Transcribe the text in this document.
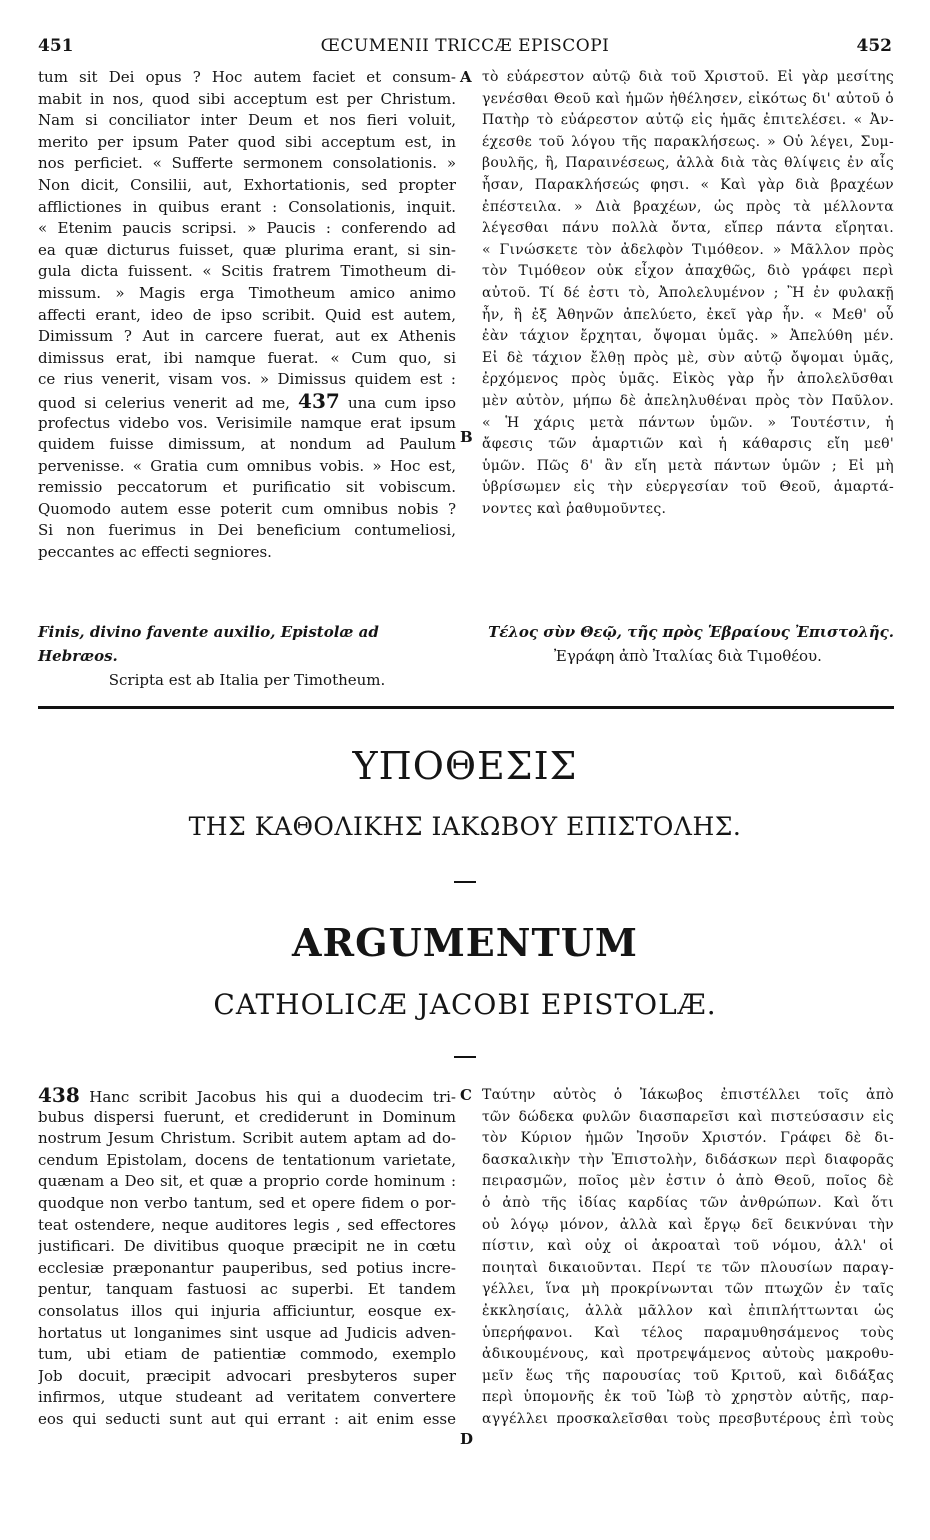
451	ŒCUMENII TRICCÆ EPISCOPI	452
A
B
C
D
tum sit Dei opus ? Hoc autem faciet et consum-
mabit in nos, quod sibi acceptum est per Christum.
Nam si conciliator inter Deum et nos fieri voluit,
merito per ipsum Pater quod sibi acceptum est, in
nos perficiet. « Sufferte sermonem consolationis. »
Non dicit, Consilii, aut, Exhortationis, sed propter
afflictiones in quibus erant : Consolationis, inquit.
« Etenim paucis scripsi. » Paucis : conferendo ad
ea quæ dicturus fuisset, quæ plurima erant, si sin-
gula dicta fuissent. « Scitis fratrem Timotheum di-
missum. » Magis erga Timotheum amico animo
affecti erant, ideo de ipso scribit. Quid est autem,
Dimissum ? Aut in carcere fuerat, aut ex Athenis
dimissus erat, ibi namque fuerat. « Cum quo, si
ce rius venerit, visam vos. » Dimissus quidem est :
quod si celerius venerit ad me, 437 una cum ipso
profectus videbo vos. Verisimile namque erat ipsum
quidem fuisse dimissum, at nondum ad Paulum
pervenisse. « Gratia cum omnibus vobis. » Hoc est,
remissio peccatorum et purificatio sit vobiscum.
Quomodo autem esse poterit cum omnibus nobis ?
Si non fuerimus in Dei beneficium contumeliosi,
peccantes ac effecti segniores.
τὸ εὐάρεστον αὐτῷ διὰ τοῦ Χριστοῦ. Εἰ γὰρ μεσίτης
γενέσθαι Θεοῦ καὶ ἡμῶν ἠθέλησεν, εἰκότως δι' αὐτοῦ ὁ
Πατὴρ τὸ εὐάρεστον αὐτῷ εἰς ἡμᾶς ἐπιτελέσει. « Ἀν-
έχεσθε τοῦ λόγου τῆς παρακλήσεως. » Οὐ λέγει, Συμ-
βουλῆς, ἢ, Παραινέσεως, ἀλλὰ διὰ τὰς θλίψεις ἐν αἷς
ἦσαν, Παρακλήσεώς φησι. « Καὶ γὰρ διὰ βραχέων
ἐπέστειλα. » Διὰ βραχέων, ὡς πρὸς τὰ μέλλοντα
λέγεσθαι πάνυ πολλὰ ὄντα, εἴπερ πάντα εἴρηται.
« Γινώσκετε τὸν ἀδελφὸν Τιμόθεον. » Μᾶλλον πρὸς
τὸν Τιμόθεον οὐκ εἶχον ἀπαχθῶς, διὸ γράφει περὶ
αὐτοῦ. Τί δέ ἐστι τὸ, Ἀπολελυμένον ; Ἢ ἐν φυλακῇ
ἦν, ἢ ἐξ Ἀθηνῶν ἀπελύετο, ἐκεῖ γὰρ ἦν. « Μεθ' οὗ
ἐὰν τάχιον ἔρχηται, ὄψομαι ὑμᾶς. » Ἀπελύθη μέν.
Εἰ δὲ τάχιον ἔλθῃ πρὸς μὲ, σὺν αὐτῷ ὄψομαι ὑμᾶς,
ἐρχόμενος πρὸς ὑμᾶς. Εἰκὸς γὰρ ἦν ἀπολελῦσθαι
μὲν αὐτὸν, μήπω δὲ ἀπεληλυθέναι πρὸς τὸν Παῦλον.
« Ἡ χάρις μετὰ πάντων ὑμῶν. » Τουτέστιν, ἡ
ἄφεσις τῶν ἁμαρτιῶν καὶ ἡ κάθαρσις εἴη μεθ'
ὑμῶν. Πῶς δ' ἂν εἴη μετὰ πάντων ὑμῶν ; Εἰ μὴ
ὑβρίσωμεν εἰς τὴν εὐεργεσίαν τοῦ Θεοῦ, ἁμαρτά-
νοντες καὶ ῥαθυμοῦντες.
Finis, divino favente auxilio, Epistolæ ad Hebræos.
Scripta est ab Italia per Timotheum.
Τέλος σὺν Θεῷ, τῆς πρὸς Ἑβραίους Ἐπιστολῆς.
Ἐγράφη ἀπὸ Ἰταλίας διὰ Τιμοθέου.
ΥΠΟΘΕΣΙΣ
ΤΗΣ ΚΑΘΟΛΙΚΗΣ ΙΑΚΩΒΟΥ ΕΠΙΣΤΟΛΗΣ.
ARGUMENTUM
CATHOLICÆ JACOBI EPISTOLÆ.
438 Hanc scribit Jacobus his qui a duodecim tri-
bubus dispersi fuerunt, et crediderunt in Dominum
nostrum Jesum Christum. Scribit autem aptam ad do-
cendum Epistolam, docens de tentationum varietate,
quænam a Deo sit, et quæ a proprio corde hominum :
quodque non verbo tantum, sed et opere fidem o por-
teat ostendere, neque auditores legis , sed effectores
justificari. De divitibus quoque præcipit ne in cœtu
ecclesiæ præponantur pauperibus, sed potius incre-
pentur, tanquam fastuosi ac superbi. Et tandem
consolatus illos qui injuria afficiuntur, eosque ex-
hortatus ut longanimes sint usque ad Judicis adven-
tum, ubi etiam de patientiæ commodo, exemplo
Job docuit, præcipit advocari presbyteros super
infirmos, utque studeant ad veritatem convertere
eos qui seducti sunt aut qui errant : ait enim esse
Ταύτην αὐτὸς ὁ Ἰάκωβος ἐπιστέλλει τοῖς ἀπὸ
τῶν δώδεκα φυλῶν διασπαρεῖσι καὶ πιστεύσασιν εἰς
τὸν Κύριον ἡμῶν Ἰησοῦν Χριστόν. Γράφει δὲ δι-
δασκαλικὴν τὴν Ἐπιστολὴν, διδάσκων περὶ διαφορᾶς
πειρασμῶν, ποῖος μὲν ἐστιν ὁ ἀπὸ Θεοῦ, ποῖος δὲ
ὁ ἀπὸ τῆς ἰδίας καρδίας τῶν ἀνθρώπων. Καὶ ὅτι
οὐ λόγῳ μόνον, ἀλλὰ καὶ ἔργῳ δεῖ δεικνύναι τὴν
πίστιν, καὶ οὐχ οἱ ἀκροαταὶ τοῦ νόμου, ἀλλ' οἱ
ποιηταὶ δικαιοῦνται. Περί τε τῶν πλουσίων παραγ-
γέλλει, ἵνα μὴ προκρίνωνται τῶν πτωχῶν ἐν ταῖς
ἐκκλησίαις, ἀλλὰ μᾶλλον καὶ ἐπιπλήττωνται ὡς
ὑπερήφανοι. Καὶ τέλος παραμυθησάμενος τοὺς
ἀδικουμένους, καὶ προτρεψάμενος αὐτοὺς μακροθυ-
μεῖν ἕως τῆς παρουσίας τοῦ Κριτοῦ, καὶ διδάξας
περὶ ὑπομονῆς ἐκ τοῦ Ἰὼβ τὸ χρηστὸν αὐτῆς, παρ-
αγγέλλει προσκαλεῖσθαι τοὺς πρεσβυτέρους ἐπὶ τοὺς
